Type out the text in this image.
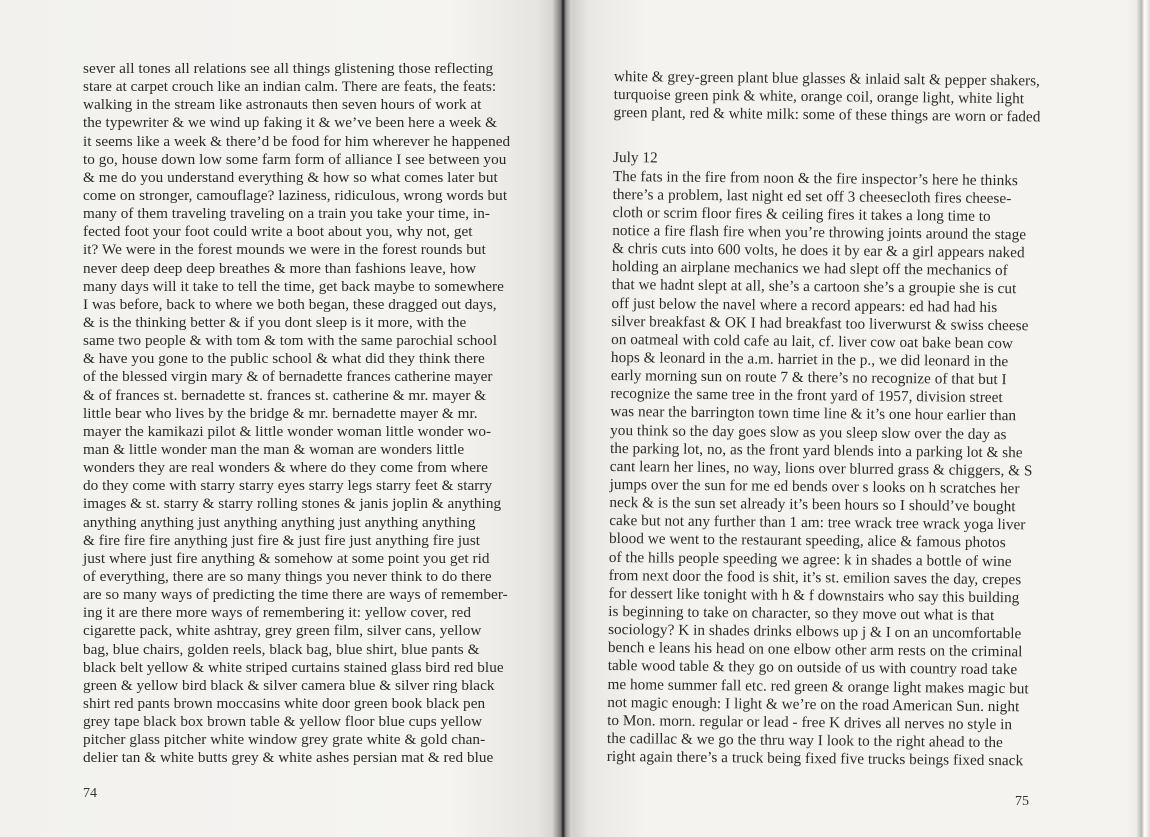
sever all tones all relations see all things glistening those reflecting
stare at carpet crouch like an indian calm. There are feats, the feats:
walking in the stream like astronauts then seven hours of work at
the typewriter & we wind up faking it & we’ve been here a week &
it seems like a week & there’d be food for him wherever he happened
to go, house down low some farm form of alliance I see between you
& me do you understand everything & how so what comes later but
come on stronger, camouflage? laziness, ridiculous, wrong words but
many of them traveling traveling on a train you take your time, in-
fected foot your foot could write a boot about you, why not, get
it? We were in the forest mounds we were in the forest rounds but
never deep deep deep breathes & more than fashions leave, how
many days will it take to tell the time, get back maybe to somewhere
I was before, back to where we both began, these dragged out days,
& is the thinking better & if you dont sleep is it more, with the
same two people & with tom & tom with the same parochial school
& have you gone to the public school & what did they think there
of the blessed virgin mary & of bernadette frances catherine mayer
& of frances st. bernadette st. frances st. catherine & mr. mayer &
little bear who lives by the bridge & mr. bernadette mayer & mr.
mayer the kamikazi pilot & little wonder woman little wonder wo-
man & little wonder man the man & woman are wonders little
wonders they are real wonders & where do they come from where
do they come with starry starry eyes starry legs starry feet & starry
images & st. starry & starry rolling stones & janis joplin & anything
anything anything just anything anything just anything anything
& fire fire fire anything just fire & just fire just anything fire just
just where just fire anything & somehow at some point you get rid
of everything, there are so many things you never think to do there
are so many ways of predicting the time there are ways of remember-
ing it are there more ways of remembering it: yellow cover, red
cigarette pack, white ashtray, grey green film, silver cans, yellow
bag, blue chairs, golden reels, black bag, blue shirt, blue pants &
black belt yellow & white striped curtains stained glass bird red blue
green & yellow bird black & silver camera blue & silver ring black
shirt red pants brown moccasins white door green book black pen
grey tape black box brown table & yellow floor blue cups yellow
pitcher glass pitcher white window grey grate white & gold chan-
delier tan & white butts grey & white ashes persian mat & red blue
74
white & grey-green plant blue glasses & inlaid salt & pepper shakers,
turquoise green pink & white, orange coil, orange light, white light
green plant, red & white milk: some of these things are worn or faded
July 12
The fats in the fire from noon & the fire inspector’s here he thinks
there’s a problem, last night ed set off 3 cheesecloth fires cheese-
cloth or scrim floor fires & ceiling fires it takes a long time to
notice a fire flash fire when you’re throwing joints around the stage
& chris cuts into 600 volts, he does it by ear & a girl appears naked
holding an airplane mechanics we had slept off the mechanics of
that we hadnt slept at all, she’s a cartoon she’s a groupie she is cut
off just below the navel where a record appears: ed had had his
silver breakfast & OK I had breakfast too liverwurst & swiss cheese
on oatmeal with cold cafe au lait, cf. liver cow oat bake bean cow
hops & leonard in the a.m. harriet in the p., we did leonard in the
early morning sun on route 7 & there’s no recognize of that but I
recognize the same tree in the front yard of 1957, division street
was near the barrington town time line & it’s one hour earlier than
you think so the day goes slow as you sleep slow over the day as
the parking lot, no, as the front yard blends into a parking lot & she
cant learn her lines, no way, lions over blurred grass & chiggers, & S
jumps over the sun for me ed bends over s looks on h scratches her
neck & is the sun set already it’s been hours so I should’ve bought
cake but not any further than 1 am: tree wrack tree wrack yoga liver
blood we went to the restaurant speeding, alice & famous photos
of the hills people speeding we agree: k in shades a bottle of wine
from next door the food is shit, it’s st. emilion saves the day, crepes
for dessert like tonight with h & f downstairs who say this building
is beginning to take on character, so they move out what is that
sociology? K in shades drinks elbows up j & I on an uncomfortable
bench e leans his head on one elbow other arm rests on the criminal
table wood table & they go on outside of us with country road take
me home summer fall etc. red green & orange light makes magic but
not magic enough: I light & we’re on the road American Sun. night
to Mon. morn. regular or lead - free K drives all nerves no style in
the cadillac & we go the thru way I look to the right ahead to the
right again there’s a truck being fixed five trucks beings fixed snack
75
